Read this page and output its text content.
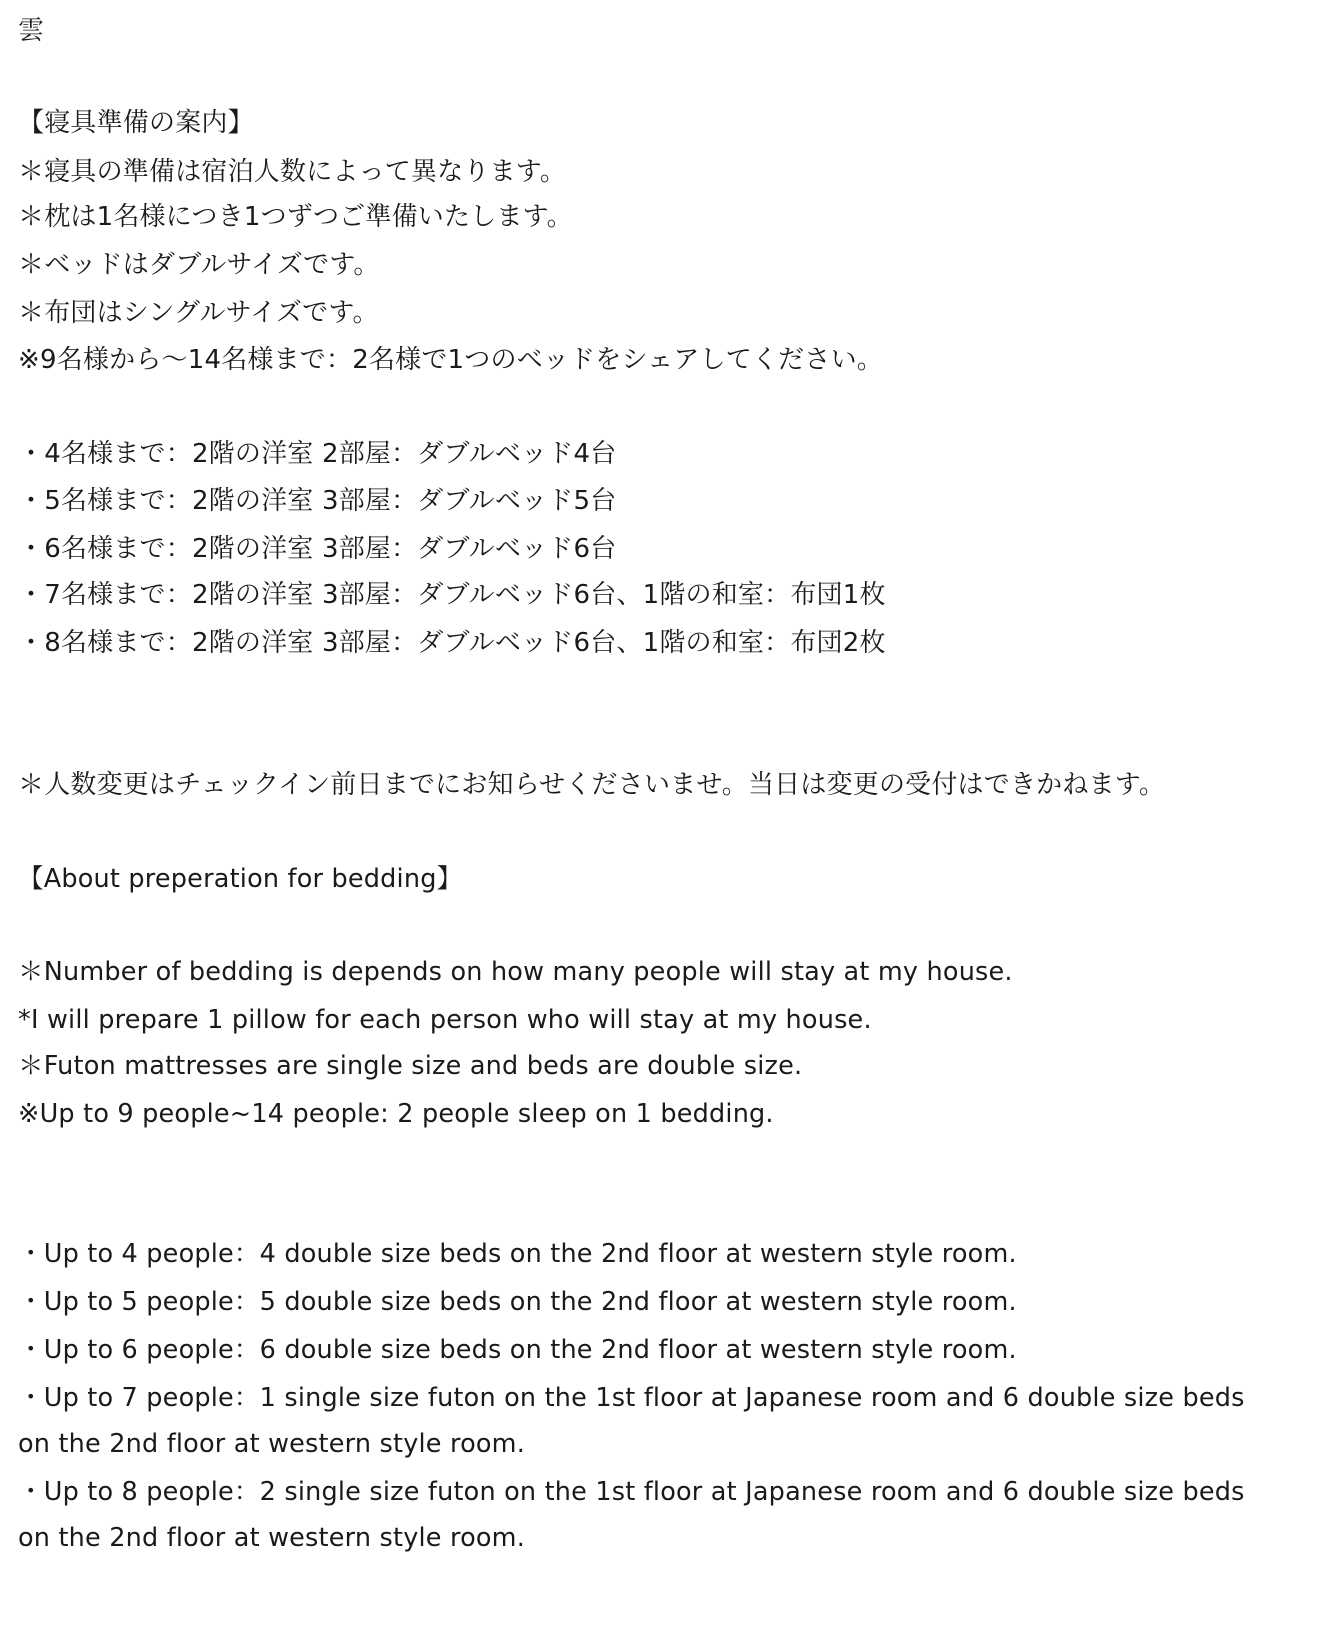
雲
【寝具準備の案内】
＊寝具の準備は宿泊人数によって異なります。
＊枕は1名様につき1つずつご準備いたします。
＊ベッドはダブルサイズです。
＊布団はシングルサイズです。
※9名様から～14名様まで：2名様で1つのベッドをシェアしてください。
・4名様まで：2階の洋室 2部屋：ダブルベッド4台
・5名様まで：2階の洋室 3部屋：ダブルベッド5台
・6名様まで：2階の洋室 3部屋：ダブルベッド6台
・7名様まで：2階の洋室 3部屋：ダブルベッド6台、1階の和室：布団1枚
・8名様まで：2階の洋室 3部屋：ダブルベッド6台、1階の和室：布団2枚
＊人数変更はチェックイン前日までにお知らせくださいませ。当日は変更の受付はできかねます。
【About preperation for bedding】
＊Number of bedding is depends on how many people will stay at my house.
*I will prepare 1 pillow for each person who will stay at my house.
＊Futon mattresses are single size and beds are double size.
※Up to 9 people~14 people: 2 people sleep on 1 bedding.
・Up to 4 people：4 double size beds on the 2nd floor at western style room.
・Up to 5 people：5 double size beds on the 2nd floor at western style room.
・Up to 6 people：6 double size beds on the 2nd floor at western style room.
・Up to 7 people：1 single size futon on the 1st floor at Japanese room and 6 double size beds
on the 2nd floor at western style room.
・Up to 8 people：2 single size futon on the 1st floor at Japanese room and 6 double size beds
on the 2nd floor at western style room.
